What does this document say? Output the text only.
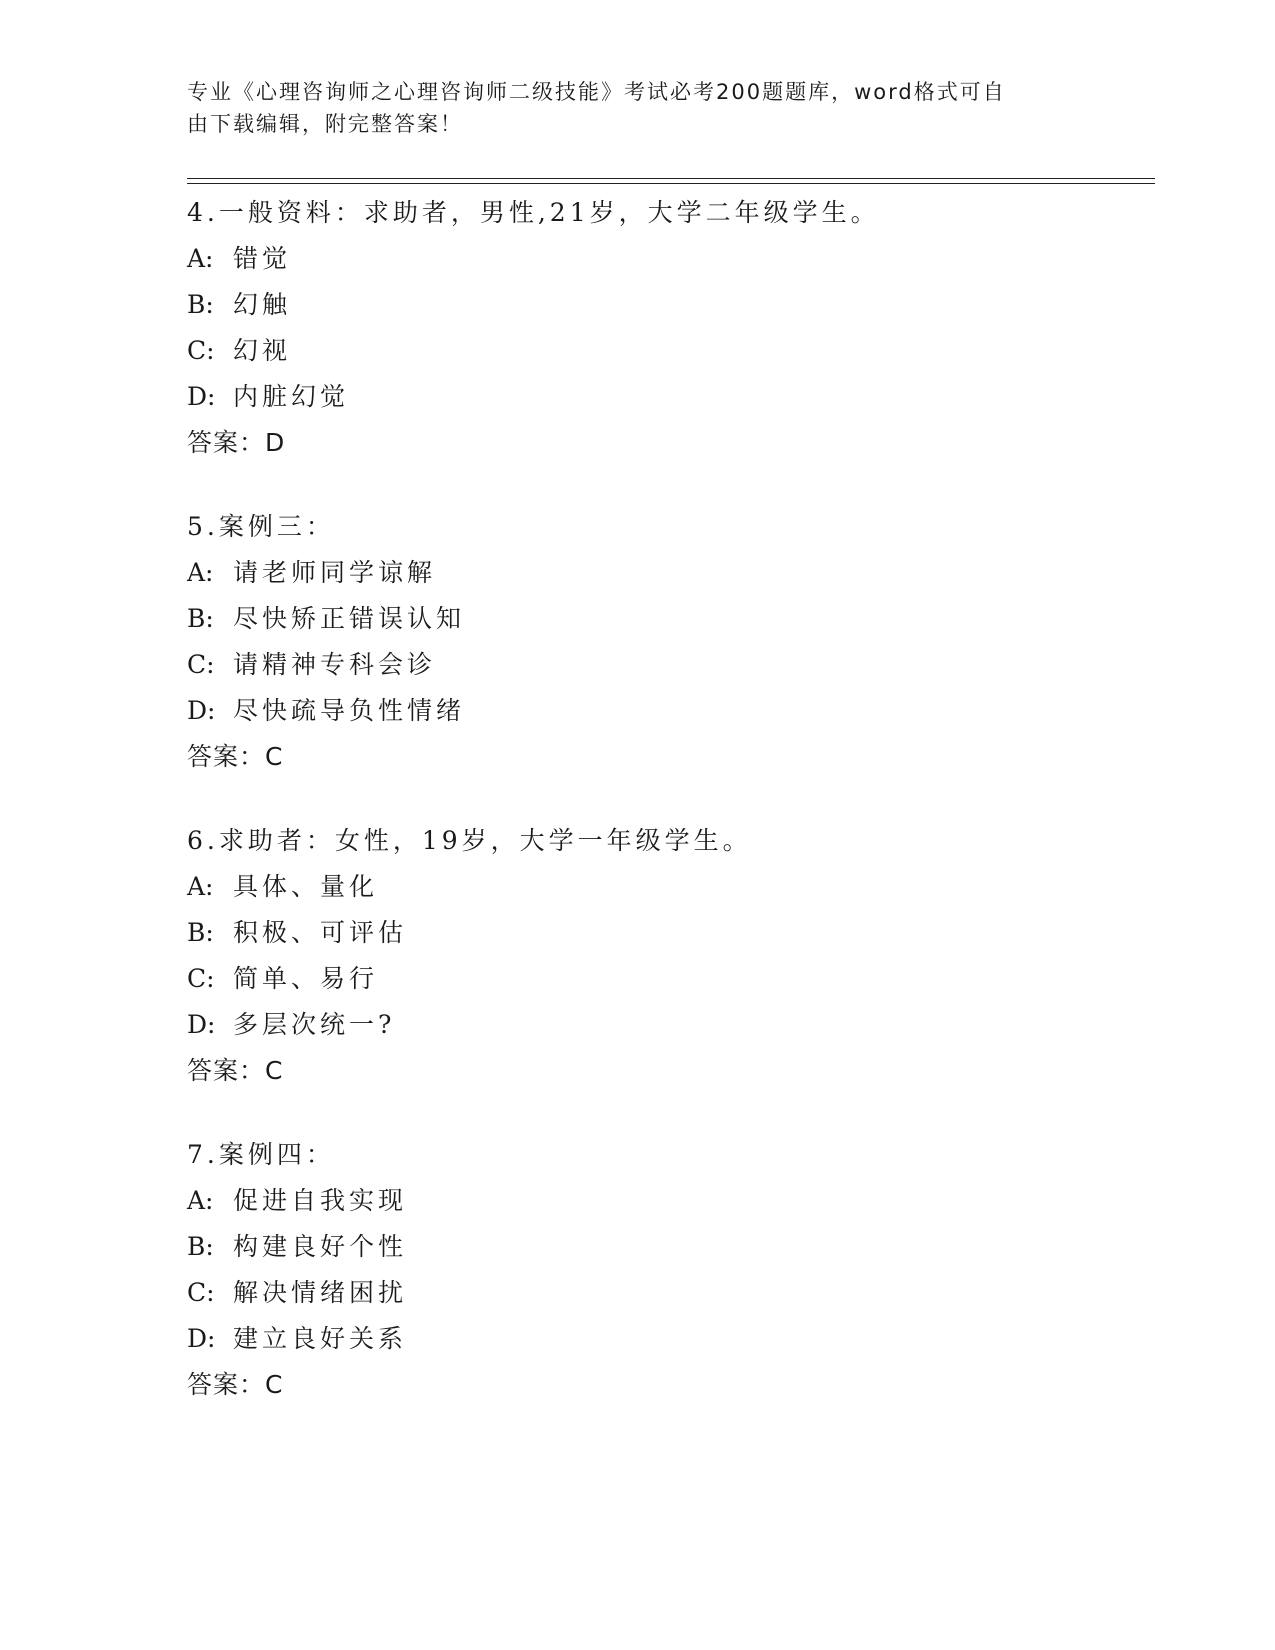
专业《心理咨询师之心理咨询师二级技能》考试必考200题题库，word格式可自
由下载编辑，附完整答案！
4.一般资料：求助者，男性,21岁，大学二年级学生。
A: 错觉
B: 幻触
C: 幻视
D: 内脏幻觉
答案：D
5.案例三：
A: 请老师同学谅解
B: 尽快矫正错误认知
C: 请精神专科会诊
D: 尽快疏导负性情绪
答案：C
6.求助者：女性，19岁，大学一年级学生。
A: 具体、量化
B: 积极、可评估
C: 简单、易行
D: 多层次统一?
答案：C
7.案例四：
A: 促进自我实现
B: 构建良好个性
C: 解决情绪困扰
D: 建立良好关系
答案：C
